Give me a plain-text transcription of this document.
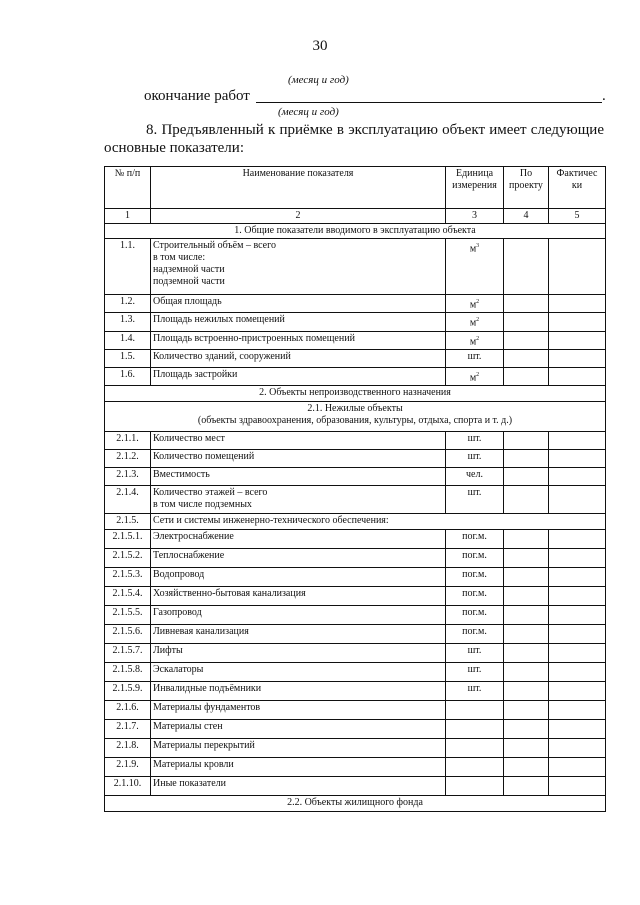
30
(месяц и год)
окончание работ	.
(месяц и год)
8. Предъявленный к приёмке в эксплуатацию объект имеет следующие основные показатели:
№ п/п	Наименование показателя	Единица измерения	По проекту	Фактичес ки
1	2	3	4	5
1. Общие показатели вводимого в эксплуатацию объекта				
1.1.	Строительный объём – всего
в том числе:
надземной части
подземной части	$м^3$		
1.2.	Общая площадь	$м^2$		
1.3.	Площадь нежилых помещений	$м^2$		
1.4.	Площадь встроенно-пристроенных помещений	$м^2$		
1.5.	Количество зданий, сооружений	шт.		
1.6.	Площадь застройки	$м^2$		
2. Объекты непроизводственного назначения				

2.1. Нежилые объекты
(объекты здравоохранения, образования, культуры, отдыха, спорта и т. д.)				

2.1.1.	Количество мест	шт.		
2.1.2.	Количество помещений	шт.		
2.1.3.	Вместимость	чел.		
2.1.4.	Количество этажей – всего
в том числе подземных	шт.		
2.1.5.	Сети и системы инженерно-технического обеспечения:			
2.1.5.1.	Электроснабжение	пог.м.		
2.1.5.2.	Теплоснабжение	пог.м.		
2.1.5.3.	Водопровод	пог.м.		
2.1.5.4.	Хозяйственно-бытовая канализация	пог.м.		
2.1.5.5.	Газопровод	пог.м.		
2.1.5.6.	Ливневая канализация	пог.м.		
2.1.5.7.	Лифты	шт.		
2.1.5.8.	Эскалаторы	шт.		
2.1.5.9.	Инвалидные подъёмники	шт.		
2.1.6.	Материалы фундаментов			

2.1.7.	Материалы стен			

2.1.8.	Материалы перекрытий			

2.1.9.	Материалы кровли			

2.1.10.	Иные показатели			

2.2. Объекты жилищного фонда				
